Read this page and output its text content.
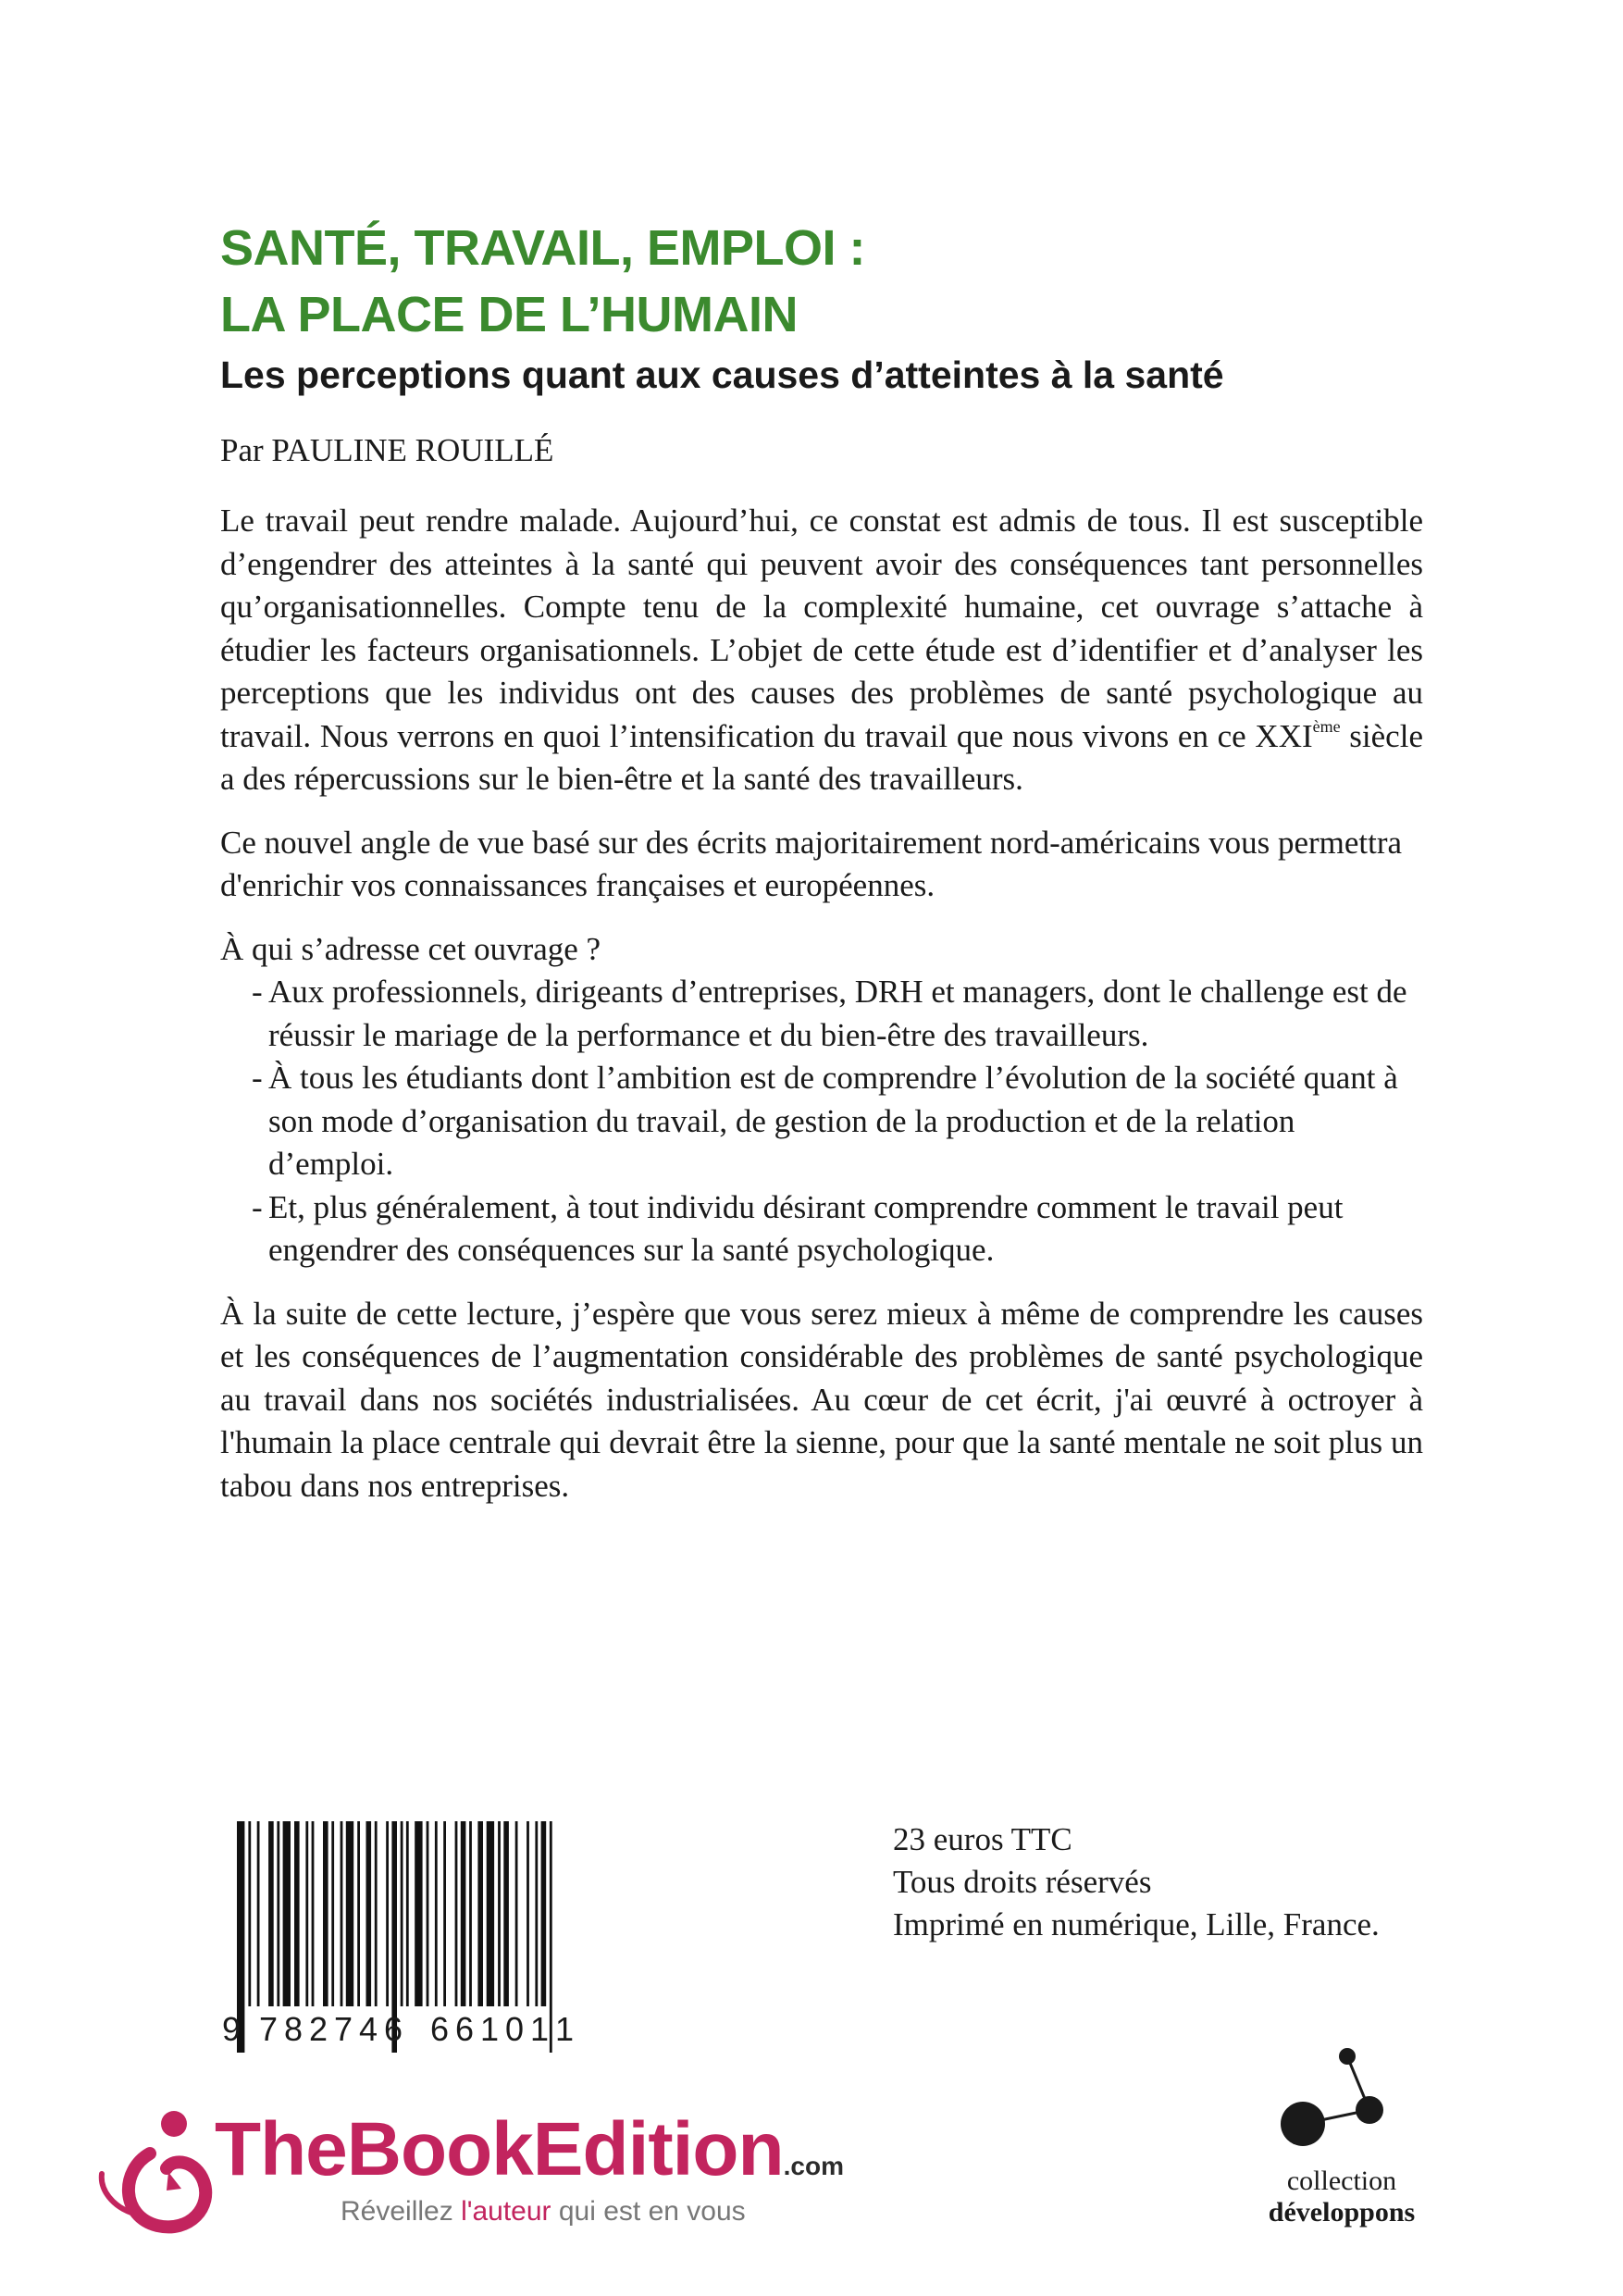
SANTÉ, TRAVAIL, EMPLOI :
LA PLACE DE L’HUMAIN
Les perceptions quant aux causes d’atteintes à la santé

Par PAULINE ROUILLÉ

Le travail peut rendre malade. Aujourd’hui, ce constat est admis de tous. Il est susceptible d’engendrer des atteintes à la santé qui peuvent avoir des conséquences tant personnelles qu’organisationnelles. Compte tenu de la complexité humaine, cet ouvrage s’attache à étudier les facteurs organisationnels. L’objet de cette étude est d’identifier et d’analyser les perceptions que les individus ont des causes des problèmes de santé psychologique au travail. Nous verrons en quoi l’intensification du travail que nous vivons en ce XXIème siècle a des répercussions sur le bien-être et la santé des travailleurs.

Ce nouvel angle de vue basé sur des écrits majoritairement nord-américains vous permettra d'enrichir vos connaissances françaises et européennes.

À qui s’adresse cet ouvrage ?

- Aux professionnels, dirigeants d’entreprises, DRH et managers, dont le challenge est de réussir le mariage de la performance et du bien-être des travailleurs.
- À tous les étudiants dont l’ambition est de comprendre l’évolution de la société quant à son mode d’organisation du travail, de gestion de la production et de la relation d’emploi.
- Et, plus généralement, à tout individu désirant comprendre comment le travail peut engendrer des conséquences sur la santé psychologique.

À la suite de cette lecture, j’espère que vous serez mieux à même de comprendre les causes et les conséquences de l’augmentation considérable des problèmes de santé psychologique au travail dans nos sociétés industrialisées. Au cœur de cet écrit, j'ai œuvré à octroyer à l'humain la place centrale qui devrait être la sienne, pour que la santé mentale ne soit plus un tabou dans nos entreprises.

9 7 8 2 7 4 6 6 6 1 0 1 1
23 euros TTC
Tous droits réservés
Imprimé en numérique, Lille, France.
TheBookEdition.com
Réveillez l'auteur qui est en vous
collection
développons
